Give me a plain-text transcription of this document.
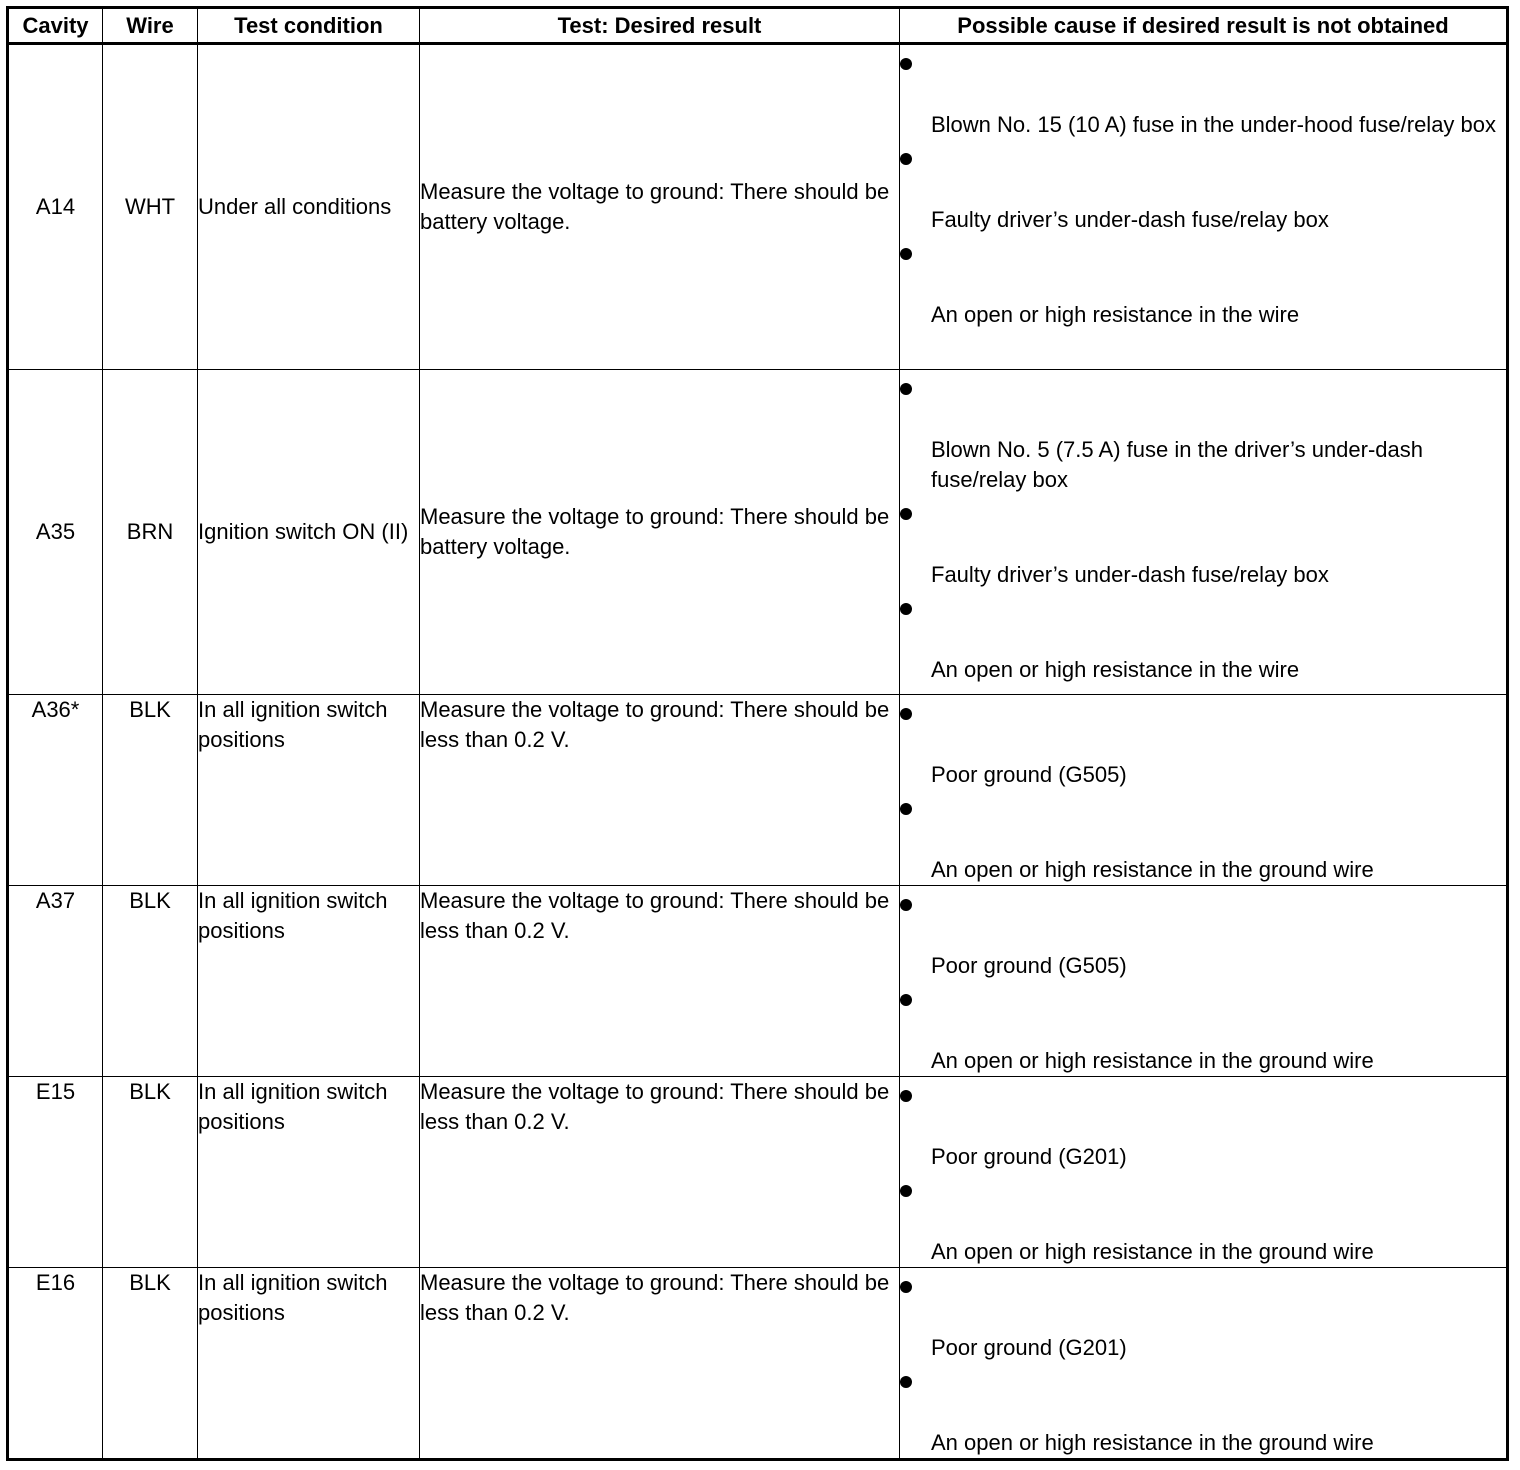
Cavity	Wire	Test condition	Test: Desired result	Possible cause if desired result is not obtained
A14	WHT	Under all conditions	Measure the voltage to ground: There should be battery voltage.	Blown No. 15 (10 A) fuse in the under-hood fuse/relay box
Faulty driver’s under-dash fuse/relay box
An open or high resistance in the wire

A35	BRN	Ignition switch ON (II)	Measure the voltage to ground: There should be battery voltage.	Blown No. 5 (7.5 A) fuse in the driver’s under-dash fuse/relay box
Faulty driver’s under-dash fuse/relay box
An open or high resistance in the wire

A36*	BLK	In all ignition switch positions	Measure the voltage to ground: There should be less than 0.2 V.	Poor ground (G505)
An open or high resistance in the ground wire

A37	BLK	In all ignition switch positions	Measure the voltage to ground: There should be less than 0.2 V.	Poor ground (G505)
An open or high resistance in the ground wire

E15	BLK	In all ignition switch positions	Measure the voltage to ground: There should be less than 0.2 V.	Poor ground (G201)
An open or high resistance in the ground wire

E16	BLK	In all ignition switch positions	Measure the voltage to ground: There should be less than 0.2 V.	Poor ground (G201)
An open or high resistance in the ground wire
